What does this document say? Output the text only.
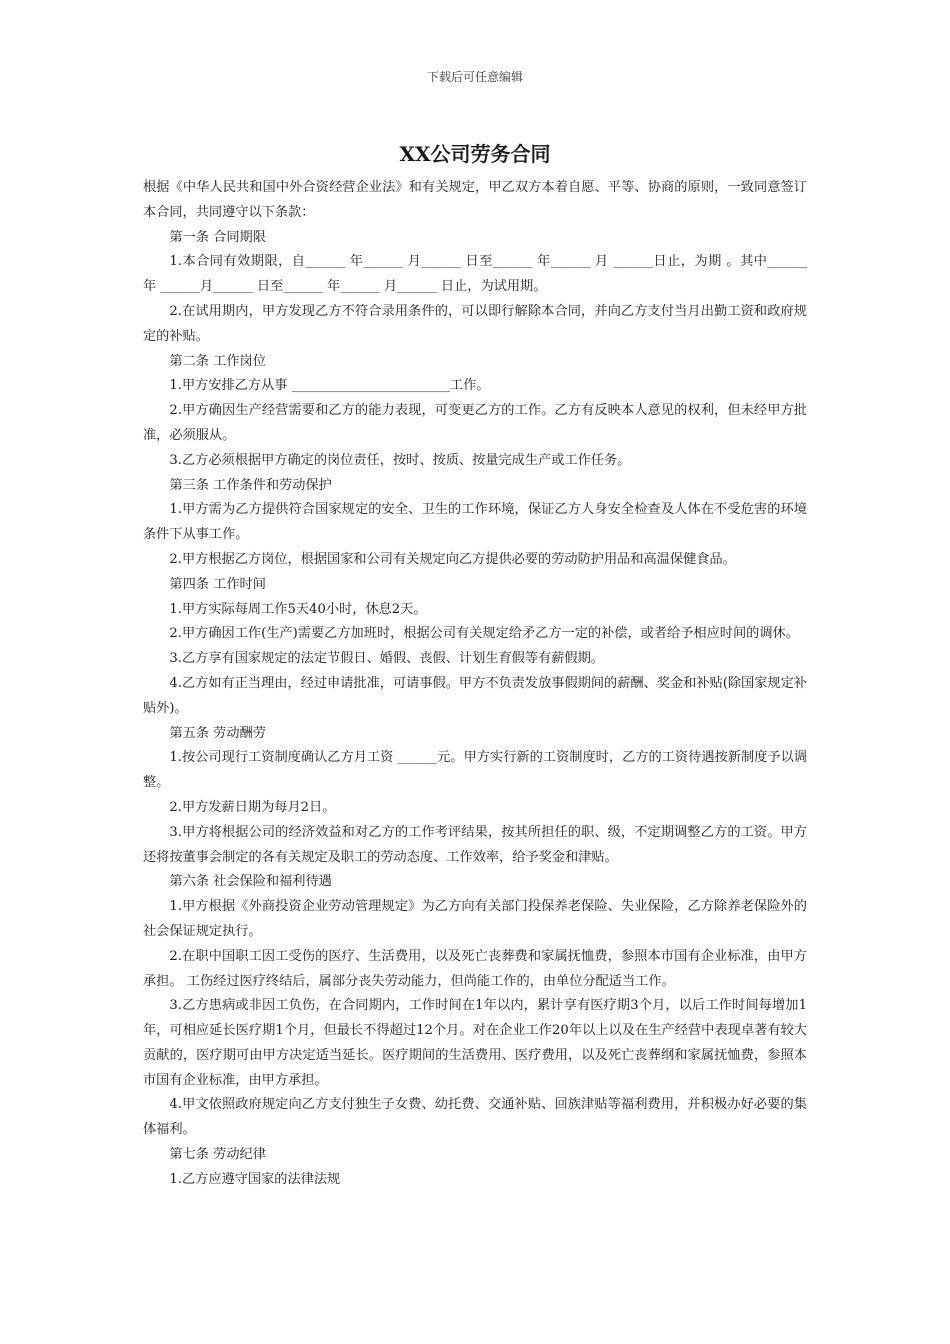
下载后可任意编辑
XX公司劳务合同

根据《中华人民共和国中外合资经营企业法》和有关规定，甲乙双方本着自愿、平等、协商的原则，一致同意签订本合同，共同遵守以下条款：

第一条 合同期限

1.本合同有效期限，自______ 年______ 月______ 日至______ 年______ 月 ______日止，为期 。其中______ 年 ______月______ 日至______ 年______ 月______ 日止，为试用期。

2.在试用期内，甲方发现乙方不符合录用条件的，可以即行解除本合同，并向乙方支付当月出勤工资和政府规定的补贴。

第二条 工作岗位

1.甲方安排乙方从事 ________________________工作。

2.甲方确因生产经营需要和乙方的能力表现，可变更乙方的工作。乙方有反映本人意见的权利，但未经甲方批准，必须服从。

3.乙方必须根据甲方确定的岗位责任，按时、按质、按量完成生产或工作任务。

第三条 工作条件和劳动保护

1.甲方需为乙方提供符合国家规定的安全、卫生的工作环境，保证乙方人身安全检查及人体在不受危害的环境条件下从事工作。

2.甲方根据乙方岗位，根据国家和公司有关规定向乙方提供必要的劳动防护用品和高温保健食品。

第四条 工作时间

1.甲方实际每周工作5天40小时，休息2天。

2.甲方确因工作(生产)需要乙方加班时，根据公司有关规定给矛乙方一定的补偿，或者给予相应时间的调休。

3.乙方享有国家规定的法定节假日、婚假、丧假、计划生育假等有薪假期。

4.乙方如有正当理由，经过申请批准，可请事假。甲方不负责发放事假期间的薪酬、奖金和补贴(除国家规定补贴外)。

第五条 劳动酬劳

1.按公司现行工资制度确认乙方月工资 ______元。甲方实行新的工资制度时，乙方的工资待遇按新制度予以调整。

2.甲方发薪日期为每月2日。

3.甲方将根据公司的经济效益和对乙方的工作考评结果，按其所担任的职、级，不定期调整乙方的工资。甲方还将按董事会制定的各有关规定及职工的劳动态度、工作效率，给予奖金和津贴。

第六条 社会保险和福利待遇

1.甲方根据《外商投资企业劳动管理规定》为乙方向有关部门投保养老保险、失业保险，乙方除养老保险外的社会保证规定执行。

2.在职中国职工因工受伤的医疗、生活费用，以及死亡丧葬费和家属抚恤费，参照本市国有企业标准，由甲方承担。 工伤经过医疗终结后，属部分丧失劳动能力，但尚能工作的，由单位分配适当工作。

3.乙方患病或非因工负伤，在合同期内，工作时间在1年以内，累计享有医疗期3个月，以后工作时间每增加1年，可相应延长医疗期1个月，但最长不得超过12个月。对在企业工作20年以上以及在生产经营中表现卓著有较大贡献的，医疗期可由甲方决定适当延长。医疗期间的生活费用、医疗费用，以及死亡丧葬纲和家属抚恤费，参照本市国有企业标准，由甲方承担。

4.甲文依照政府规定向乙方支付独生子女费、幼托费、交通补贴、回族津贴等福利费用，并积极办好必要的集体福利。

第七条 劳动纪律

1.乙方应遵守国家的法律法规
